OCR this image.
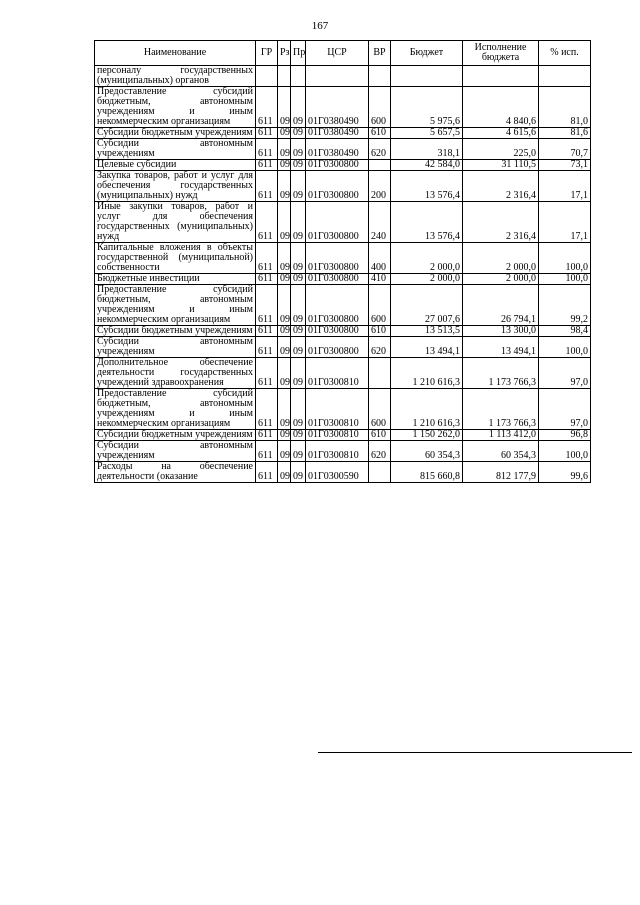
167
Наименование	ГР	Рз	Пр	ЦСР	ВР	Бюджет	Исполнение бюджета	% исп.
персоналу государственных (муниципальных) органов								
Предоставление субсидий бюджетным, автономным учреждениям и иным некоммерческим организациям	611	09	09	01Г0380490	600	5 975,6	4 840,6	81,0
Субсидии бюджетным учреждениям	611	09	09	01Г0380490	610	5 657,5	4 615,6	81,6
Субсидии автономным учреждениям	611	09	09	01Г0380490	620	318,1	225,0	70,7
Целевые субсидии	611	09	09	01Г0300800		42 584,0	31 110,5	73,1
Закупка товаров, работ и услуг для обеспечения государственных (муниципальных) нужд	611	09	09	01Г0300800	200	13 576,4	2 316,4	17,1
Иные закупки товаров, работ и услуг для обеспечения государственных (муниципальных) нужд	611	09	09	01Г0300800	240	13 576,4	2 316,4	17,1
Капитальные вложения в объекты государственной (муниципальной) собственности	611	09	09	01Г0300800	400	2 000,0	2 000,0	100,0
Бюджетные инвестиции	611	09	09	01Г0300800	410	2 000,0	2 000,0	100,0
Предоставление субсидий бюджетным, автономным учреждениям и иным некоммерческим организациям	611	09	09	01Г0300800	600	27 007,6	26 794,1	99,2
Субсидии бюджетным учреждениям	611	09	09	01Г0300800	610	13 513,5	13 300,0	98,4
Субсидии автономным учреждениям	611	09	09	01Г0300800	620	13 494,1	13 494,1	100,0
Дополнительное обеспечение деятельности государственных учреждений здравоохранения	611	09	09	01Г0300810		1 210 616,3	1 173 766,3	97,0
Предоставление субсидий бюджетным, автономным учреждениям и иным некоммерческим организациям	611	09	09	01Г0300810	600	1 210 616,3	1 173 766,3	97,0
Субсидии бюджетным учреждениям	611	09	09	01Г0300810	610	1 150 262,0	1 113 412,0	96,8
Субсидии автономным учреждениям	611	09	09	01Г0300810	620	60 354,3	60 354,3	100,0
Расходы на обеспечение деятельности (оказание	611	09	09	01Г0300590		815 660,8	812 177,9	99,6
